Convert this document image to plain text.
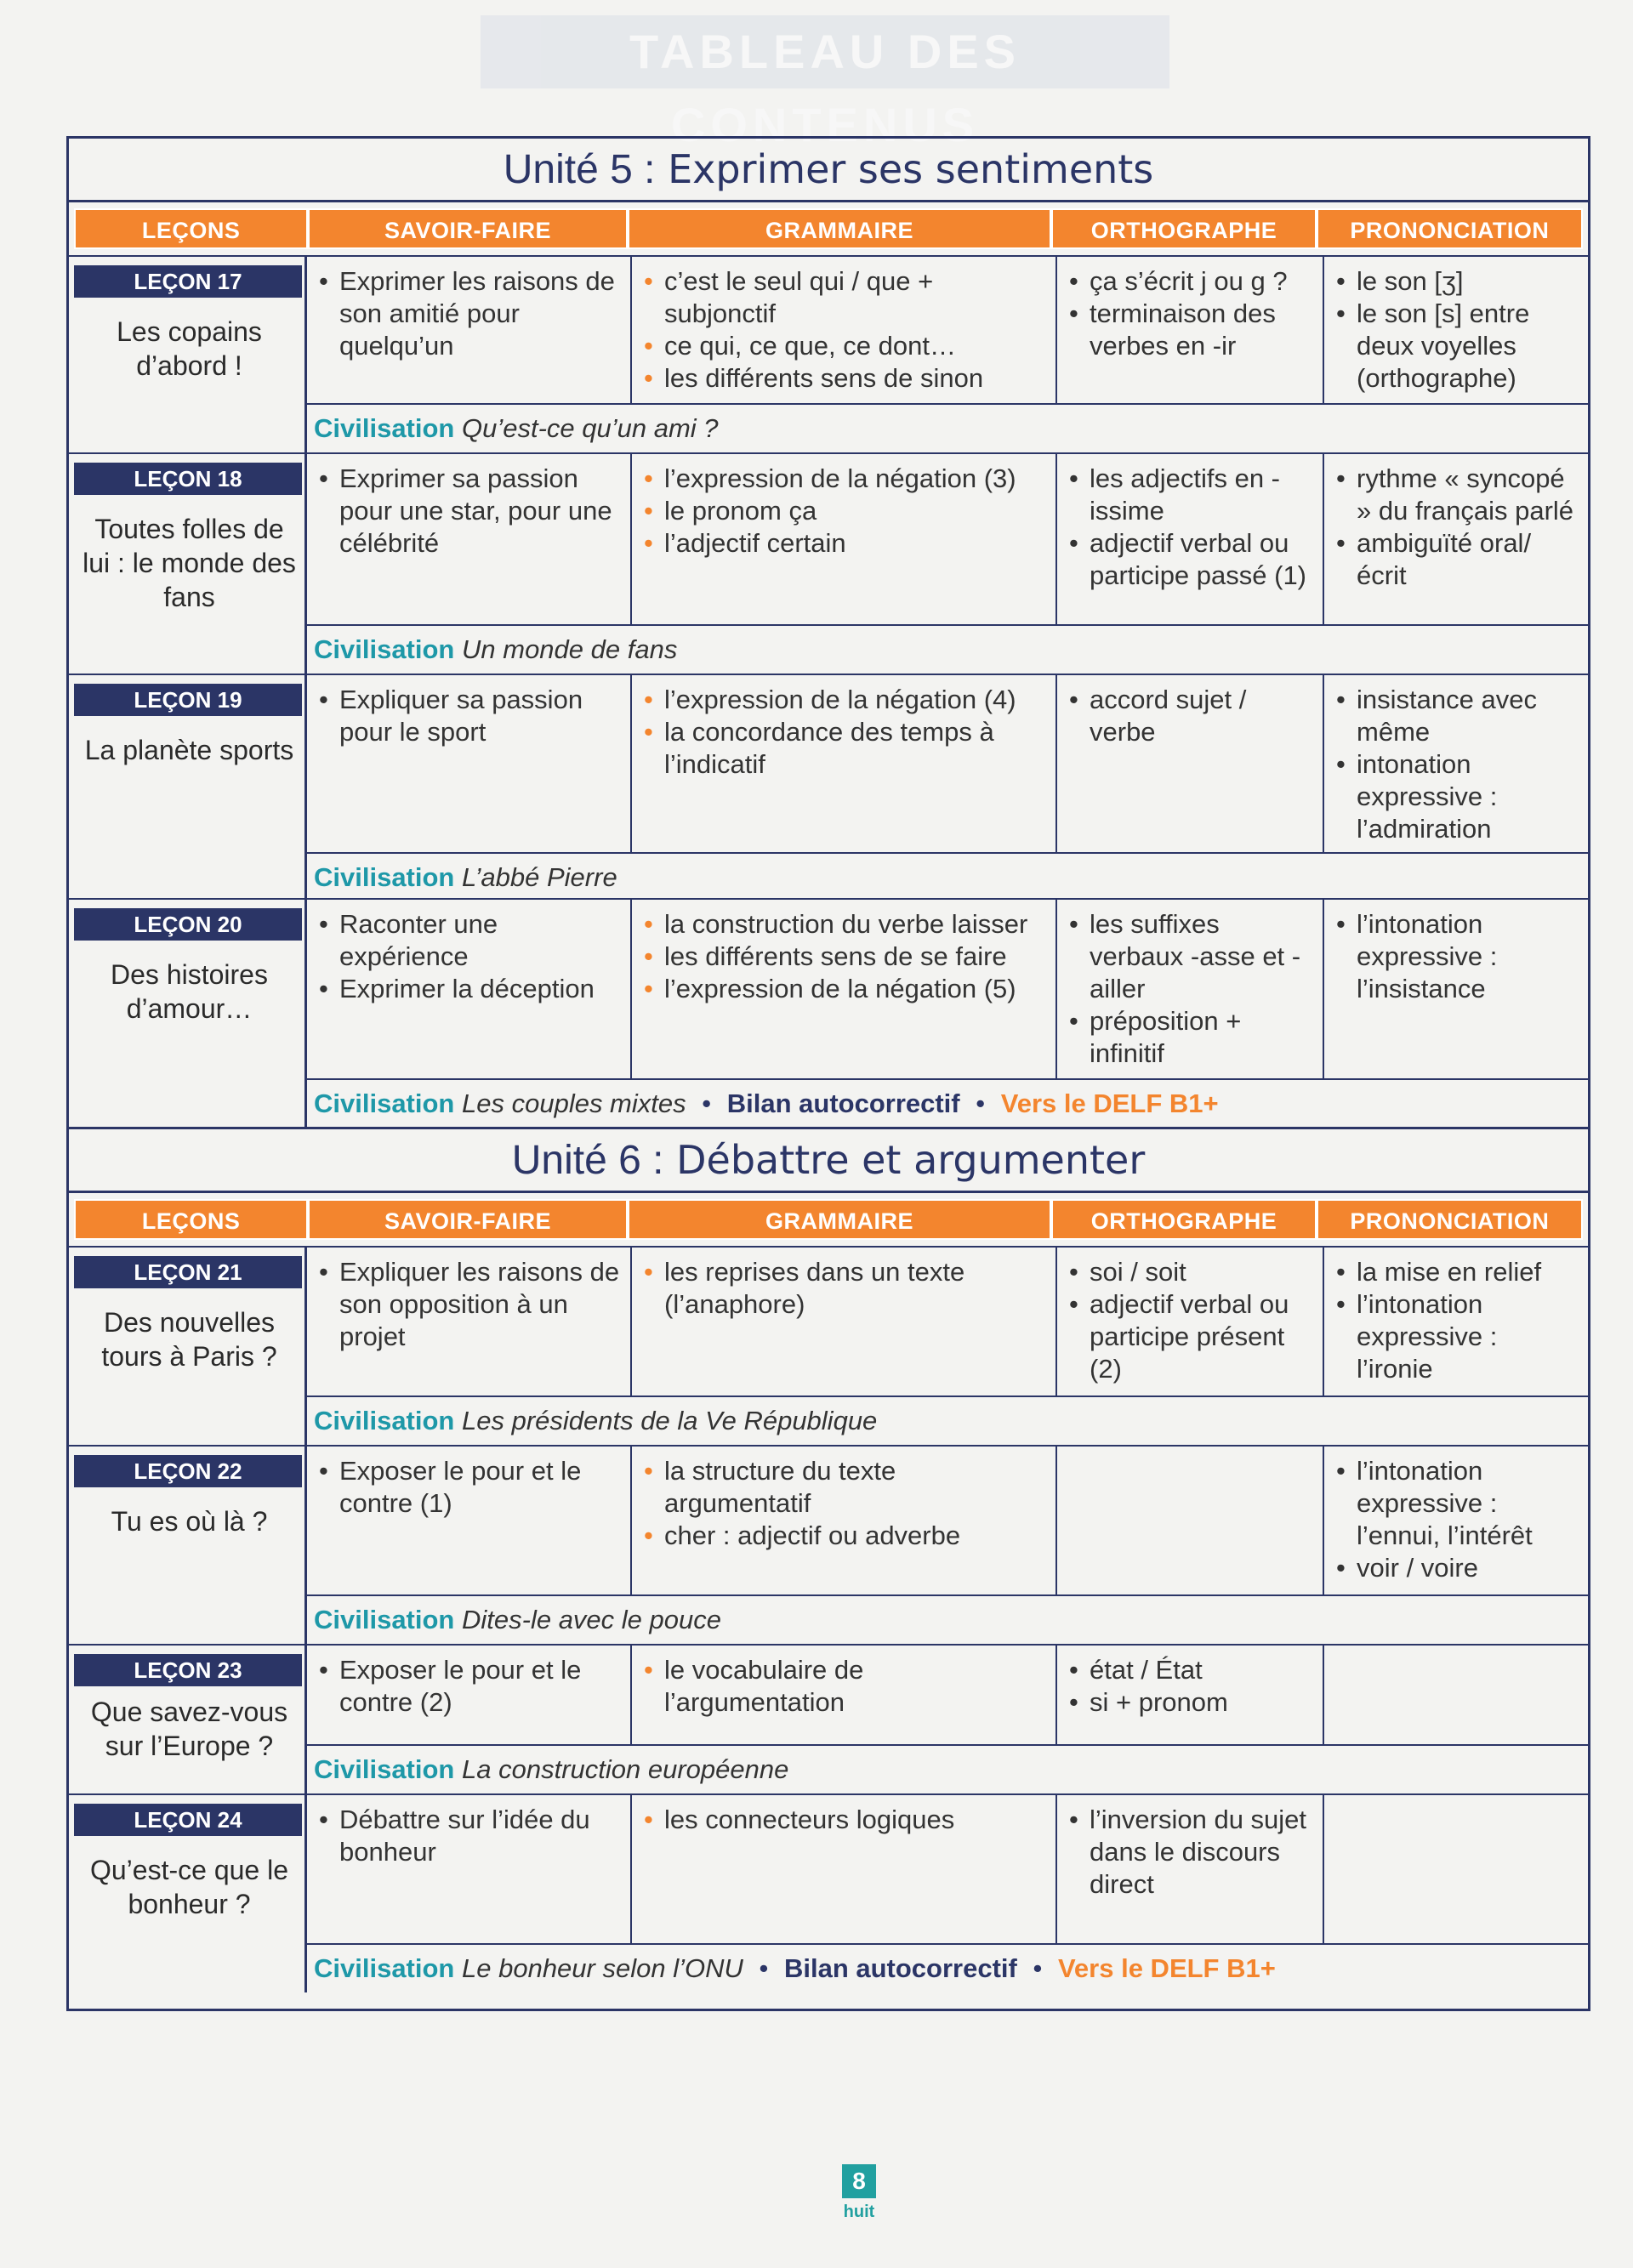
TABLEAU DES CONTENUS
Unité 5 : Exprimer ses sentiments
LEÇONS	SAVOIR-FAIRE	GRAMMAIRE	ORTHOGRAPHE	PRONONCIATION
LEÇON 17
Les copains d’abord !
• Exprimer les raisons de son amitié pour quelqu’un
• c’est le seul qui / que + subjonctif
• ce qui, ce que, ce dont…
• les différents sens de sinon
• ça s’écrit j ou g ?
• terminaison des verbes en -ir
• le son [ʒ]
• le son [s] entre deux voyelles (orthographe)
Civilisation Qu’est-ce qu’un ami ?
LEÇON 18
Toutes folles de lui : le monde des fans
• Exprimer sa passion pour une star, pour une célébrité
• l’expression de la négation (3)
• le pronom ça
• l’adjectif certain
• les adjectifs en -issime
• adjectif verbal ou participe passé (1)
• rythme « syncopé » du français parlé
• ambiguïté oral/écrit
Civilisation Un monde de fans
LEÇON 19
La planète sports
• Expliquer sa passion pour le sport
• l’expression de la négation (4)
• la concordance des temps à l’indicatif
• accord sujet / verbe
• insistance avec même
• intonation expressive : l’admiration
Civilisation L’abbé Pierre
LEÇON 20
Des histoires d’amour…
• Raconter une expérience
• Exprimer la déception
• la construction du verbe laisser
• les différents sens de se faire
• l’expression de la négation (5)
• les suffixes verbaux -asse et -ailler
• préposition + infinitif
• l’intonation expressive : l’insistance
Civilisation Les couples mixtes • Bilan autocorrectif • Vers le DELF B1+
Unité 6 : Débattre et argumenter
LEÇONS	SAVOIR-FAIRE	GRAMMAIRE	ORTHOGRAPHE	PRONONCIATION
LEÇON 21
Des nouvelles tours à Paris ?
• Expliquer les raisons de son opposition à un projet
• les reprises dans un texte (l’anaphore)
• soi / soit
• adjectif verbal ou participe présent (2)
• la mise en relief
• l’intonation expressive : l’ironie
Civilisation Les présidents de la Ve République
LEÇON 22
Tu es où là ?
• Exposer le pour et le contre (1)
• la structure du texte argumentatif
• cher : adjectif ou adverbe
• l’intonation expressive : l’ennui, l’intérêt
• voir / voire
Civilisation Dites-le avec le pouce
LEÇON 23
Que savez-vous sur l’Europe ?
• Exposer le pour et le contre (2)
• le vocabulaire de l’argumentation
• état / État
• si + pronom
Civilisation La construction européenne
LEÇON 24
Qu’est-ce que le bonheur ?
• Débattre sur l’idée du bonheur
• les connecteurs logiques
•	l’inversion du sujet dans le discours direct
Civilisation Le bonheur selon l’ONU • Bilan autocorrectif • Vers le DELF B1+
8
huit
